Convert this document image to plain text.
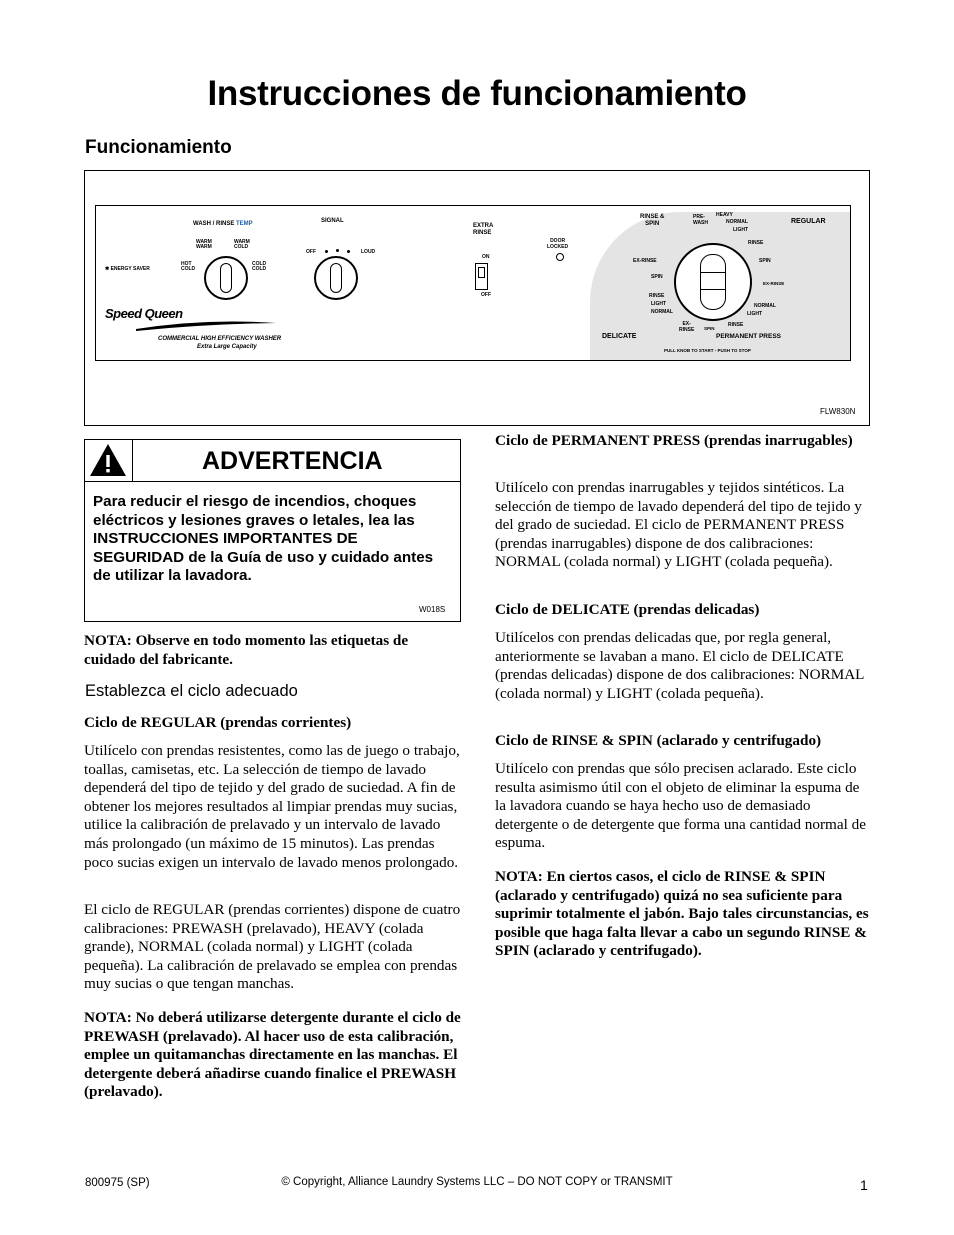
Instrucciones de funcionamiento
Funcionamiento
WASH / RINSE TEMP
WARM
WARM
WARM
COLD
HOT
COLD
COLD
COLD
✱ ENERGY SAVER
SIGNAL
OFF	LOUD
EXTRA
RINSE
ON
OFF
DOOR
LOCKED
Speed Queen
COMMERCIAL HIGH EFFICIENCY WASHER
Extra Large Capacity
RINSE &
SPIN
PRE-
WASH
HEAVY
NORMAL
LIGHT
REGULAR
RINSE
SPIN
EX-RINSE
NORMAL
LIGHT
EX-RINSE
SPIN
RINSE
LIGHT
NORMAL
EX-
RINSE SPIN
RINSE
DELICATE	PERMANENT PRESS
PULL KNOB TO START - PUSH TO STOP
FLW830N
ADVERTENCIA
Para reducir el riesgo de incendios, choques eléctricos y lesiones graves o letales, lea las INSTRUCCIONES IMPORTANTES DE SEGURIDAD de la Guía de uso y cuidado antes de utilizar la lavadora.
W018S
NOTA: Observe en todo momento las etiquetas de cuidado del fabricante.
Establezca el ciclo adecuado
Ciclo de REGULAR (prendas corrientes)
Utilícelo con prendas resistentes, como las de juego o trabajo, toallas, camisetas, etc. La selección de tiempo de lavado dependerá del tipo de tejido y del grado de suciedad. A fin de obtener los mejores resultados al limpiar prendas muy sucias, utilice la calibración de prelavado y un intervalo de lavado más prolongado (un máximo de 15 minutos). Las prendas poco sucias exigen un intervalo de lavado menos prolongado.
El ciclo de REGULAR (prendas corrientes) dispone de cuatro calibraciones: PREWASH (prelavado), HEAVY (colada grande), NORMAL (colada normal) y LIGHT (colada pequeña). La calibración de prelavado se emplea con prendas muy sucias o que tengan manchas.
NOTA: No deberá utilizarse detergente durante el ciclo de PREWASH (prelavado). Al hacer uso de esta calibración, emplee un quitamanchas directamente en las manchas. El detergente deberá añadirse cuando finalice el PREWASH (prelavado).
Ciclo de PERMANENT PRESS (prendas inarrugables)
Utilícelo con prendas inarrugables y tejidos sintéticos. La selección de tiempo de lavado dependerá del tipo de tejido y del grado de suciedad. El ciclo de PERMANENT PRESS (prendas inarrugables) dispone de dos calibraciones: NORMAL (colada normal) y LIGHT (colada pequeña).
Ciclo de DELICATE (prendas delicadas)
Utilícelos con prendas delicadas que, por regla general, anteriormente se lavaban a mano. El ciclo de DELICATE (prendas delicadas) dispone de dos calibraciones: NORMAL (colada normal) y LIGHT (colada pequeña).
Ciclo de RINSE & SPIN (aclarado y centrifugado)
Utilícelo con prendas que sólo precisen aclarado. Este ciclo resulta asimismo útil con el objeto de eliminar la espuma de la lavadora cuando se haya hecho uso de demasiado detergente o de detergente que forma una cantidad normal de espuma.
NOTA: En ciertos casos, el ciclo de RINSE & SPIN (aclarado y centrifugado) quizá no sea suficiente para suprimir totalmente el jabón. Bajo tales circunstancias, es posible que haga falta llevar a cabo un segundo RINSE & SPIN (aclarado y centrifugado).
800975 (SP)	© Copyright, Alliance Laundry Systems LLC – DO NOT COPY or TRANSMIT	1
